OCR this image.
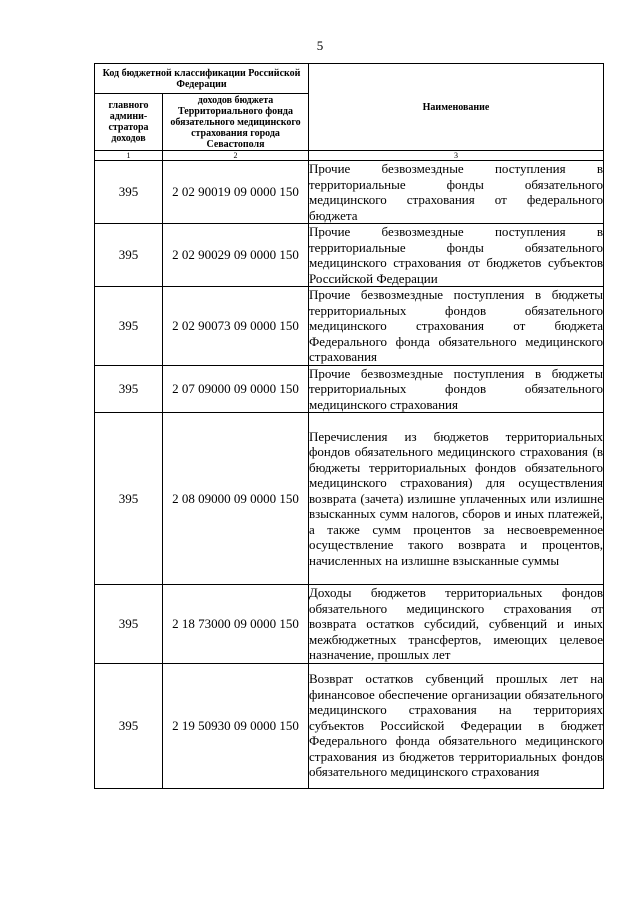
5
Код бюджетной классификации Российской Федерации		Наименование
главного админи-стратора доходов	доходов бюджета Территориального фонда обязательного медицинского страхования города Севастополя	
1	2	3
395	2 02 90019 09 0000 150	Прочие безвозмездные поступления в территориальные фонды обязательного медицинского страхования от федерального бюджета

395	2 02 90029 09 0000 150	Прочие безвозмездные поступления в территориальные фонды обязательного медицинского страхования от бюджетов субъектов Российской Федерации

395	2 02 90073 09 0000 150	Прочие безвозмездные поступления в бюджеты территориальных фондов обязательного медицинского страхования от бюджета Федерального фонда обязательного медицинского страхования

395	2 07 09000 09 0000 150	Прочие безвозмездные поступления в бюджеты территориальных фондов обязательного медицинского страхования

395	2 08 09000 09 0000 150	Перечисления из бюджетов территориальных фондов обязательного медицинского страхования (в бюджеты территориальных фондов обязательного медицинского страхования) для осуществления возврата (зачета) излишне уплаченных или излишне взысканных сумм налогов, сборов и иных платежей, а также сумм процентов за несвоевременное осуществление такого возврата и процентов, начисленных на излишне взысканные суммы

395	2 18 73000 09 0000 150	Доходы бюджетов территориальных фондов обязательного медицинского страхования от возврата остатков субсидий, субвенций и иных межбюджетных трансфертов, имеющих целевое назначение, прошлых лет

395	2 19 50930 09 0000 150	Возврат остатков субвенций прошлых лет на финансовое обеспечение организации обязательного медицинского страхования на территориях субъектов Российской Федерации в бюджет Федерального фонда обязательного медицинского страхования из бюджетов территориальных фондов обязательного медицинского страхования
